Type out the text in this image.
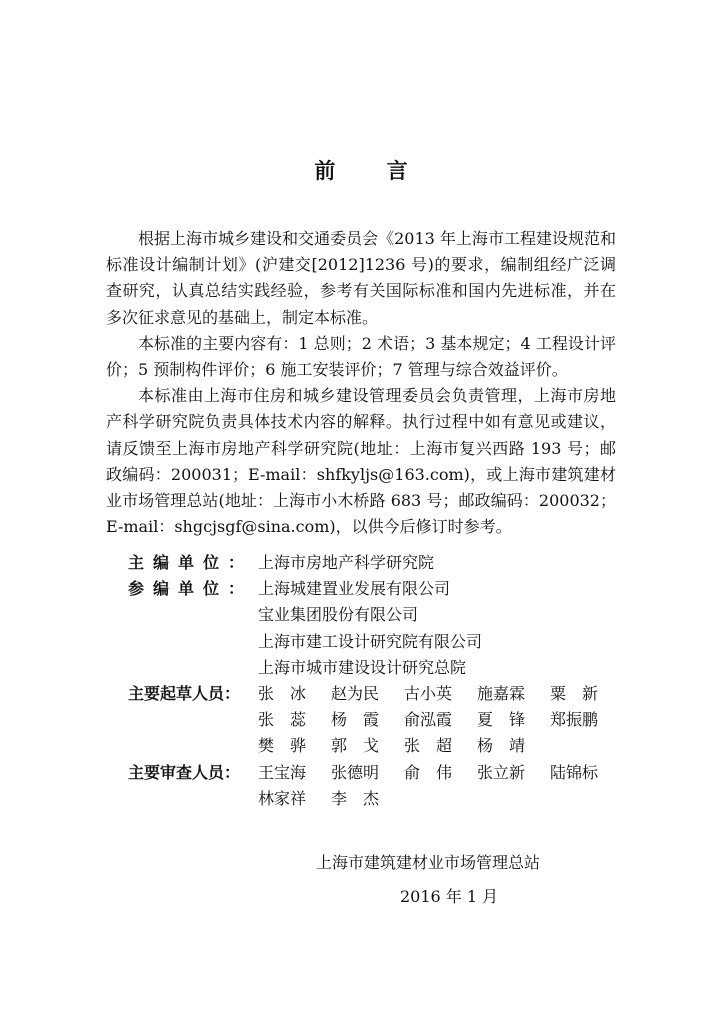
前 言

根据上海市城乡建设和交通委员会《2013 年上海市工程建设规范和标准设计编制计划》(沪建交[2012]1236 号)的要求，编制组经广泛调查研究，认真总结实践经验，参考有关国际标准和国内先进标准，并在多次征求意见的基础上，制定本标准。

本标准的主要内容有：1 总则；2 术语；3 基本规定；4 工程设计评价；5 预制构件评价；6 施工安装评价；7 管理与综合效益评价。

本标准由上海市住房和城乡建设管理委员会负责管理，上海市房地产科学研究院负责具体技术内容的解释。执行过程中如有意见或建议，请反馈至上海市房地产科学研究院(地址：上海市复兴西路 193 号；邮政编码：200031；E-mail：shfkyljs@163.com)，或上海市建筑建材业市场管理总站(地址：上海市小木桥路 683 号；邮政编码：200032；E-mail：shgcjsgf@sina.com)，以供今后修订时参考。

主编单位： 上海市房地产科学研究院
参编单位： 上海城建置业发展有限公司
宝业集团股份有限公司
上海市建工设计研究院有限公司
上海市城市建设设计研究总院
主要起草人员：	张冰 赵为民	古小英	施嘉霖	粟新
张蕊 杨霞 俞泓霞	夏锋 郑振鹏
樊骅 郭戈 张超 杨靖
主要审查人员：	王宝海	张德明	俞伟 张立新	陆锦标
林家祥	李杰
上海市建筑建材业市场管理总站
2016 年 1 月
